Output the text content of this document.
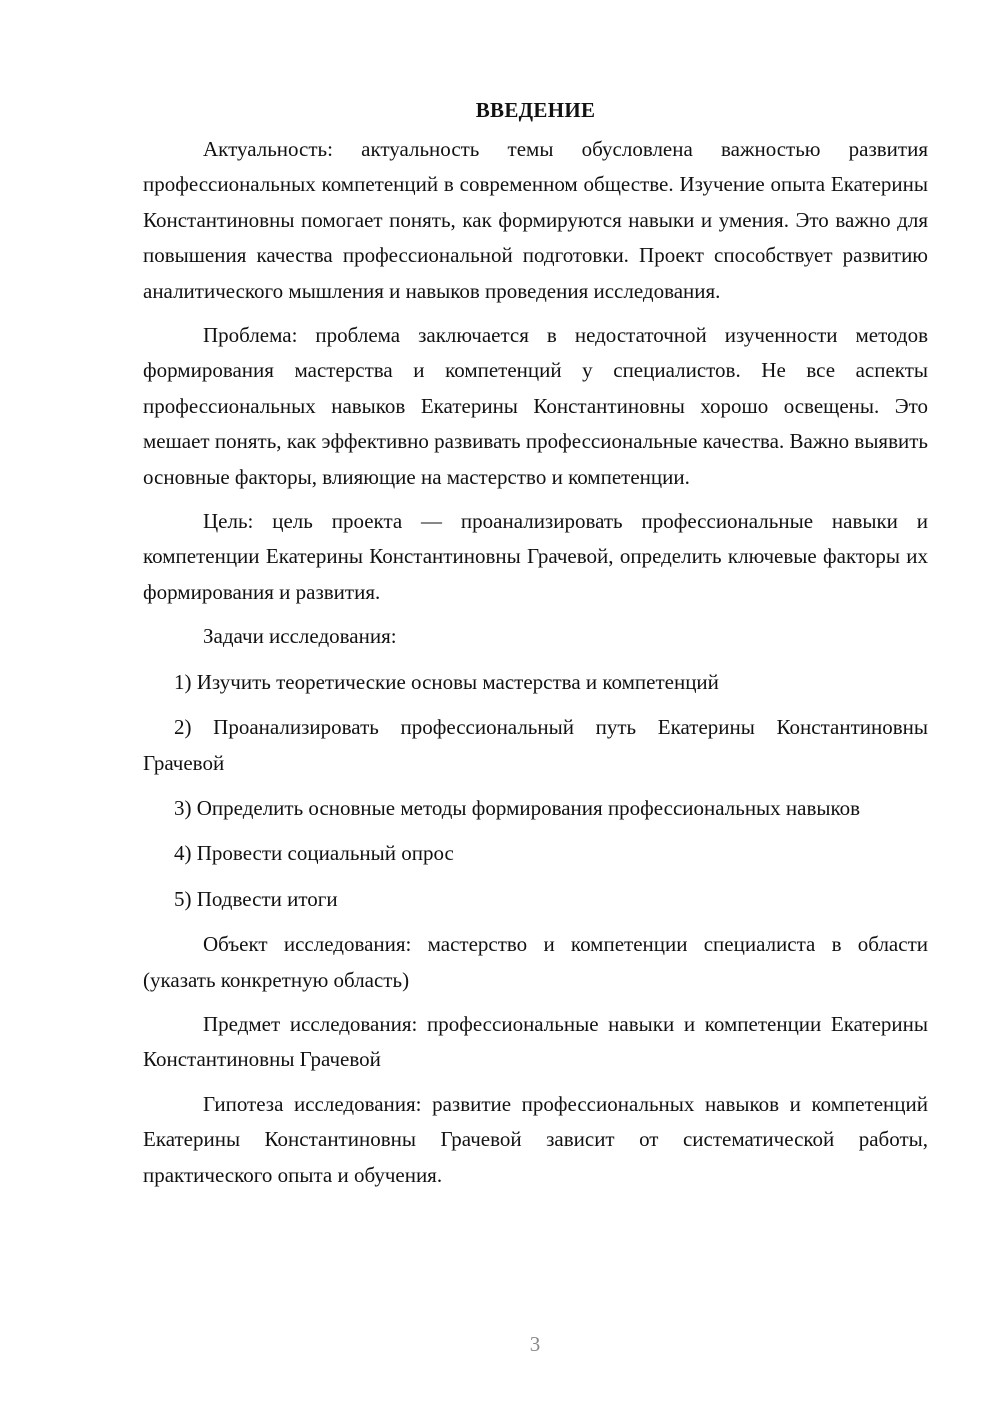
ВВЕДЕНИЕ

Актуальность: актуальность темы обусловлена важностью развития профессиональных компетенций в современном обществе. Изучение опыта Екатерины Константиновны помогает понять, как формируются навыки и умения. Это важно для повышения качества профессиональной подготовки. Проект способствует развитию аналитического мышления и навыков проведения исследования.

Проблема: проблема заключается в недостаточной изученности методов формирования мастерства и компетенций у специалистов. Не все аспекты профессиональных навыков Екатерины Константиновны хорошо освещены. Это мешает понять, как эффективно развивать профессиональные качества. Важно выявить основные факторы, влияющие на мастерство и компетенции.

Цель: цель проекта — проанализировать профессиональные навыки и компетенции Екатерины Константиновны Грачевой, определить ключевые факторы их формирования и развития.

Задачи исследования:

1) Изучить теоретические основы мастерства и компетенций

2) Проанализировать профессиональный путь Екатерины Константиновны Грачевой

3) Определить основные методы формирования профессиональных навыков

4) Провести социальный опрос

5) Подвести итоги

Объект исследования: мастерство и компетенции специалиста в области (указать конкретную область)

Предмет исследования: профессиональные навыки и компетенции Екатерины Константиновны Грачевой

Гипотеза исследования: развитие профессиональных навыков и компетенций Екатерины Константиновны Грачевой зависит от систематической работы, практического опыта и обучения.

3
